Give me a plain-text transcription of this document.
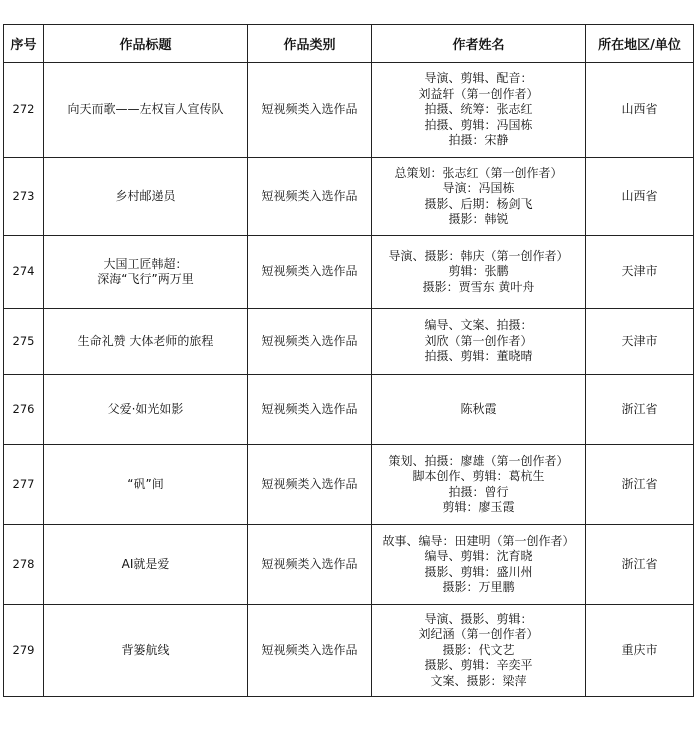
序号	作品标题	作品类别	作者姓名	所在地区/单位
272	向天而歌——左权盲人宣传队	短视频类入选作品	导演、剪辑、配音：
刘益轩（第一创作者）
拍摄、统筹：张志红
拍摄、剪辑：冯国栋
拍摄：宋静	山西省
273	乡村邮递员	短视频类入选作品	总策划：张志红（第一创作者）
导演：冯国栋
摄影、后期：杨剑飞
摄影：韩锐	山西省
274	大国工匠韩超：
深海“飞行”两万里	短视频类入选作品	导演、摄影：韩庆（第一创作者）
剪辑：张鹏
摄影：贾雪东 黄叶舟	天津市
275	生命礼赞 大体老师的旅程	短视频类入选作品	编导、文案、拍摄：
刘欣（第一创作者）
拍摄、剪辑：董晓晴	天津市
276	父爱·如光如影	短视频类入选作品	陈秋霞	浙江省
277	“矾”间	短视频类入选作品	策划、拍摄：廖雄（第一创作者）
脚本创作、剪辑：葛杭生
拍摄：曾行
剪辑：廖玉霞	浙江省
278	AI就是爱	短视频类入选作品	故事、编导：田建明（第一创作者）
编导、剪辑：沈育晓
摄影、剪辑：盛川州
摄影：万里鹏	浙江省
279	背篓航线	短视频类入选作品	导演、摄影、剪辑：
刘纪涵（第一创作者）
摄影：代文艺
摄影、剪辑：辛奕平
文案、摄影：梁萍	重庆市
